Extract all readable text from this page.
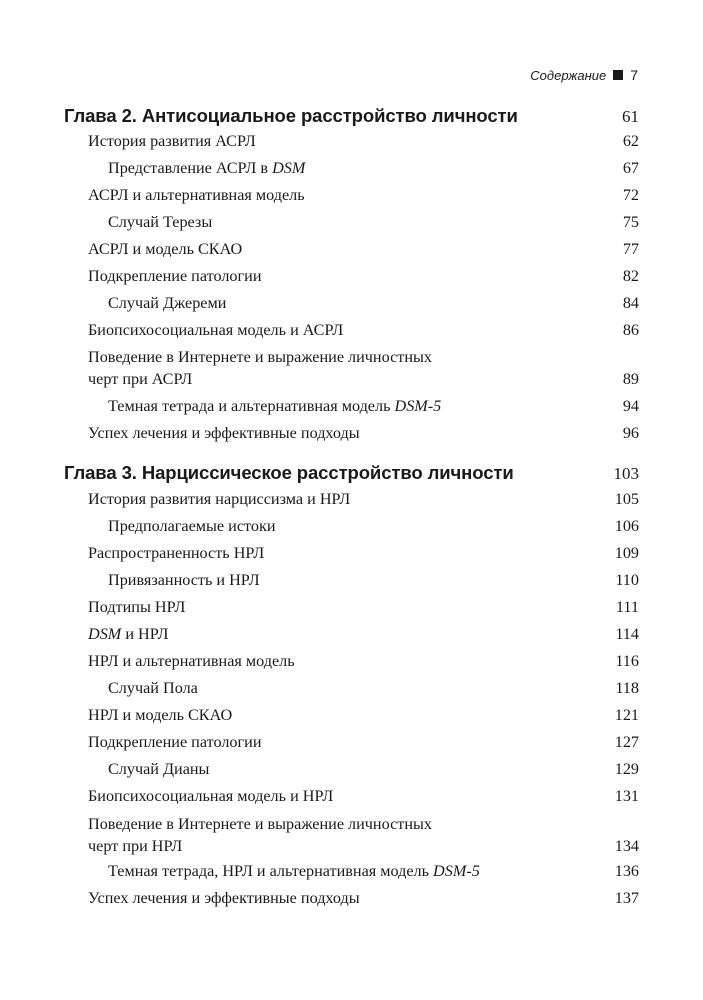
Содержание 7
Глава 2. Антисоциальное расстройство личности	61
История развития АСРЛ	62
Представление АСРЛ в DSM	67
АСРЛ и альтернативная модель	72
Случай Терезы	75
АСРЛ и модель СКАО	77
Подкрепление патологии	82
Случай Джереми	84
Биопсихосоциальная модель и АСРЛ	86
Поведение в Интернете и выражение личностных
черт при АСРЛ	89
Темная тетрада и альтернативная модель DSM-5	94
Успех лечения и эффективные подходы	96
Глава 3. Нарциссическое расстройство личности	103
История развития нарциссизма и НРЛ	105
Предполагаемые истоки	106
Распространенность НРЛ	109
Привязанность и НРЛ	110
Подтипы НРЛ	111
DSM и НРЛ	114
НРЛ и альтернативная модель	116
Случай Пола	118
НРЛ и модель СКАО	121
Подкрепление патологии	127
Случай Дианы	129
Биопсихосоциальная модель и НРЛ	131
Поведение в Интернете и выражение личностных
черт при НРЛ	134
Темная тетрада, НРЛ и альтернативная модель DSM-5	136
Успех лечения и эффективные подходы	137
